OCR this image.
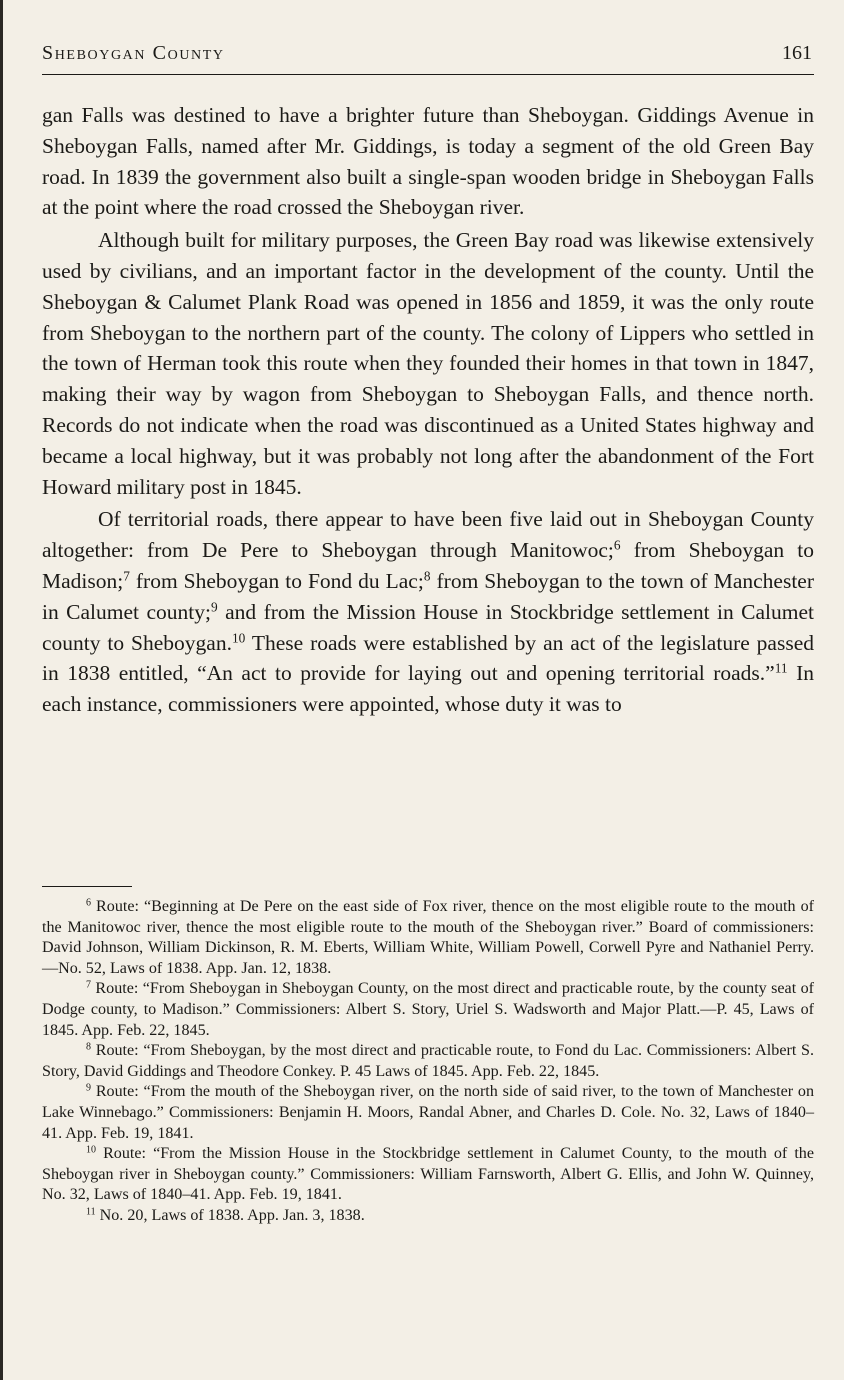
Sheboygan County	161

gan Falls was destined to have a brighter future than Sheboygan. Giddings Avenue in Sheboygan Falls, named after Mr. Giddings, is today a segment of the old Green Bay road. In 1839 the government also built a single-span wooden bridge in Sheboygan Falls at the point where the road crossed the Sheboygan river.

Although built for military purposes, the Green Bay road was likewise extensively used by civilians, and an important factor in the development of the county. Until the Sheboygan & Calumet Plank Road was opened in 1856 and 1859, it was the only route from Sheboygan to the northern part of the county. The colony of Lippers who settled in the town of Herman took this route when they founded their homes in that town in 1847, making their way by wagon from Sheboygan to Sheboygan Falls, and thence north. Records do not indicate when the road was discontinued as a United States highway and became a local highway, but it was probably not long after the abandonment of the Fort Howard military post in 1845.

Of territorial roads, there appear to have been five laid out in Sheboygan County altogether: from De Pere to Sheboygan through Manitowoc;$^6$ from Sheboygan to Madison;$^7$ from Sheboygan to Fond du Lac;$^8$ from Sheboygan to the town of Manchester in Calumet county;$^9$ and from the Mission House in Stockbridge settlement in Calumet county to Sheboygan.$^{10}$ These roads were established by an act of the legislature passed in 1838 entitled, “An act to provide for laying out and opening territorial roads.”$^{11}$ In each instance, commissioners were appointed, whose duty it was to

$^6$ Route: “Beginning at De Pere on the east side of Fox river, thence on the most eligible route to the mouth of the Manitowoc river, thence the most eligible route to the mouth of the Sheboygan river.” Board of commissioners: David Johnson, William Dickinson, R. M. Eberts, William White, William Powell, Corwell Pyre and Nathaniel Perry.—No. 52, Laws of 1838. App. Jan. 12, 1838.

$^7$ Route: “From Sheboygan in Sheboygan County, on the most direct and practicable route, by the county seat of Dodge county, to Madison.” Commissioners: Albert S. Story, Uriel S. Wadsworth and Major Platt.—P. 45, Laws of 1845. App. Feb. 22, 1845.

$^8$ Route: “From Sheboygan, by the most direct and practicable route, to Fond du Lac. Commissioners: Albert S. Story, David Giddings and Theodore Conkey. P. 45 Laws of 1845. App. Feb. 22, 1845.

$^9$ Route: “From the mouth of the Sheboygan river, on the north side of said river, to the town of Manchester on Lake Winnebago.” Commissioners: Benjamin H. Moors, Randal Abner, and Charles D. Cole. No. 32, Laws of 1840–41. App. Feb. 19, 1841.

$^{10}$ Route: “From the Mission House in the Stockbridge settlement in Calumet County, to the mouth of the Sheboygan river in Sheboygan county.” Commissioners: William Farnsworth, Albert G. Ellis, and John W. Quinney, No. 32, Laws of 1840–41. App. Feb. 19, 1841.

$^{11}$ No. 20, Laws of 1838. App. Jan. 3, 1838.
